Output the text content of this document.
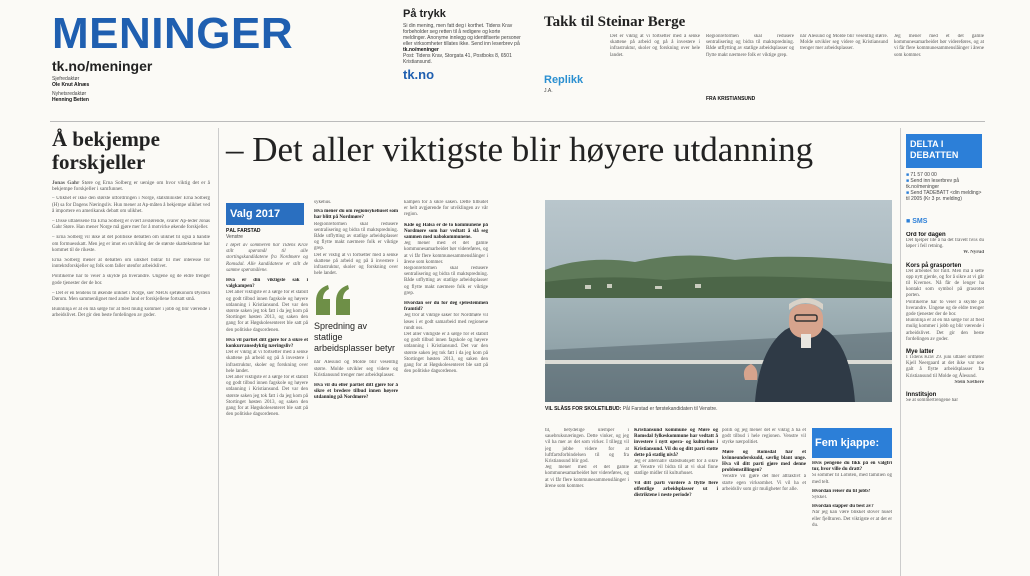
MENINGER
tk.no/meninger
Sjefredaktør
Ole Knut Alnæs
Nyhetsredaktør
Henning Betten
På trykk
Si din mening, men fatt deg i korthet. Tidens Krav forbeholder seg retten til å redigere og korte meldinger. Anonyme innlegg og identifiserte personer eller virksomheter tillates ikke. Send inn leserbrev på
tk.no/meninger
Post: Tidens Krav, Storgata 41, Postboks 8, 6501 Kristiansund.
tk.no
Takk til Steinar Berge
Replikk
J.A.
Det er viktig at vi fortsetter med å senke skattene på arbeid og på å investere i infrastruktur, skoler og forskning over hele landet.
Regionreformen skal redusere sentralisering og bidra til maktspredning. Både utflytting av statlige arbeidsplasser og flytte makt nærmere folk er viktige grep.
FRA KRISTIANSUND
når Ålesund og Molde blir vesentlig større. Molde utvikler seg videre og Kristiansund trenger mer arbeidsplasser.
Jeg mener med et det gamle kommunesamarbeidet bør videreføres, og at vi får flere kommunesammenslåinger i årene som kommer.
Å bekjempe forskjeller
Jonas Gahr Støre og Erna Solberg er uenige om hvor viktig det er å bekjempe forskjeller i samfunnet.
– Ulikhet er ikke den største utfordringen i Norge, statsminister Erna Solberg (H) sa for Dagens Næringsliv. Hun mener at Ap-måten å bekjempe ulikhet ved å importere en amerikansk debatt om ulikhet.
– Disse uttalelsene fra Erna Solberg er svært avslørende, svarer Ap-leder Jonas Gahr Støre. Han mener Norge må gjøre mer for å motvirke økende forskjeller.
– Erna Solberg vil ikke at det politiske debatten om ulikhet til også å handle om formuesskatt. Men jeg er imot en utvikling der de største skattekuttene har kommet til de rikeste.
Erna Solberg mener at debatten om ulikhet bidrar til mer interesse for inntektsforskjeller og folk som faller utenfor arbeidslivet.
Politikerne har to veier å skylde på hverandre. Ungene og de eldre trenger gode tjenester der de bor.
– Det er en tendens til økende ulikhet i Norge, sier NHOs sjeføkonom Øystein Dørum. Men sammenlignet med andre land er forskjellene fortsatt små.
Bunnlinja er at en må sørge for at flest mulig kommer i jobb og blir værende i arbeidslivet. Det gir den beste fordelingen av goder.
– Det aller viktigste blir høyere utdanning
Valg 2017
PÅL FARSTAD
Venstre
I løpet av sommeren har Tidens Krav stilt spørsmål til alle stortingskandidatene fra Nordmøre og Romsdal. Alle kandidatene er stilt de samme spørsmålene.
Hva er din viktigste sak i valgkampen?
Det aller viktigste er å sørge for et stabilt og godt tilbud innen fagskole og høyere utdanning i Kristiansund. Det var den største saken jeg tok fatt i da jeg kom på Stortinget høsten 2013, og saken den gang for at Høgskolesenteret ble satt på den politiske dagsordenen.
Hva vil partiet ditt gjøre for å sikre et konkurransedyktig næringsliv?
Det er viktig at vi fortsetter med å senke skattene på arbeid og på å investere i infrastruktur, skoler og forskning over hele landet.
Det aller viktigste er å sørge for et stabilt og godt tilbud innen fagskole og høyere utdanning i Kristiansund. Det var den største saken jeg tok fatt i da jeg kom på Stortinget høsten 2013, og saken den gang for at Høgskolesenteret ble satt på den politiske dagsordenen.
sykehus.
Hva mener du om regionsykehuset som har blitt på Nordmøre?
Regionreformen skal redusere sentralisering og bidra til maktspredning. Både utflytting av statlige arbeidsplasser og flytte makt nærmere folk er viktige grep.
Det er viktig at vi fortsetter med å senke skattene på arbeid og på å investere i infrastruktur, skoler og forskning over hele landet.
Spredning av statlige arbeidsplasser betyr
når Ålesund og Molde blir vesentlig større. Molde utvikler seg videre og Kristiansund trenger mer arbeidsplasser.
Hva vil du eller partiet ditt gjøre for å sikre et bredere tilbud innen høyere utdanning på Nordmøre?
kampen for å sikre saken. Dette tilbudet er helt avgjørende for utviklingen av vår region.
Kide og Halsa er de to kommunene på Nordmøre som har vedtatt å slå seg sammen med nabokommunene.
Jeg mener med et det gamle kommunesamarbeidet bør videreføres, og at vi får flere kommunesammenslåinger i årene som kommer.
Regionreformen skal redusere sentralisering og bidra til maktspredning. Både utflytting av statlige arbeidsplasser og flytte makt nærmere folk er viktige grep.
Hvordan ser du for deg sjelestemmen framtid?
Jeg tror at viktige saker for Nordmøre vil løses i et godt samarbeid med regionene rundt oss.
Det aller viktigste er å sørge for et stabilt og godt tilbud innen fagskole og høyere utdanning i Kristiansund. Det var den største saken jeg tok fatt i da jeg kom på Stortinget høsten 2013, og saken den gang for at Høgskolesenteret ble satt på den politiske dagsordenen.
VIL SLÅSS FOR SKOLETILBUD: Pål Farstad er førstekandidaten til Venstre.
til, betydelige ulemper i sauebruksnæringen. Dette vinker, og jeg vil ha mer av det som virker. I tillegg vil jeg jobbe videre for at luftfartsforbindelsen til og fra Kristiansund blir god.
Jeg mener med et det gamle kommunesamarbeidet bør videreføres, og at vi får flere kommunesammenslåinger i årene som kommer.
Kristiansund kommune og Møre og Romsdal fylkeskommune har vedtatt å investere i nytt opera- og kulturhus i Kristiansund. Vil du og ditt parti støtte dette på statlig nivå?
Jeg er alternativ stabsbudsjett for å sikre at Venstre vil bidra til at vi skal finne statlige midler til kulturhuset.
Vil ditt parti vurdere å flytte flere offentlige arbeidsplasser ut i distriktene i neste periode?
politi og jeg mener det er viktig å ha et godt tilbud i hele regionen. Venstre vil styrke nærpolitiet.
Møre og Romsdal har et kvinneunderskudd, særlig blant unge. Hva vil ditt parti gjøre med denne problemstillingen?
Venstre vil gjøre det mer attraktivt å starte egen virksomhet. Vi vil ha et arbeidsliv som gir muligheter for alle.
Fem kjappe:
Hvis pengene du fikk på en valgfri tur, hvor ville du dratt?
Si sommer til Lofoten, med familien og med telt.
Hvordan reiser du til jobb?
Sykkel.
Hvordan slapper du best av?
Når jeg kan være blikket stover huset eller fjellturen. Det viktigste er at det er du.
DELTA I DEBATTEN
■ 71 57 00 00
■ Send inn leserbrev på tk.no/meninger
■ Send TADEBATT <din melding> til 2005 (Kr 3 pr. melding)
■ SMS
Ord for dagen
Det hjelper lite å ha det travelt hvis du løper i feil retning.
W. Nyrud
Kors på grasporten
Det arbeides for fullt. Men må å sette opp nytt gjerde, og for å sikre at vi går til Kvernes. Nå får de lenger ha kontakt som symbol på grasrotet porten.
Politikerne har to veier å skylde på hverandre. Ungene og de eldre trenger gode tjenester der de bor.
Bunnlinja er at en må sørge for at flest mulig kommer i jobb og blir værende i arbeidslivet. Det gir den beste fordelingen av goder.
Mye latter
I Tidens Krav 29. juni uttaler ordfører Kjell Neergaard at det ikke var noe galt å flytte arbeidsplasser fra Kristiansund til Molde og Ålesund.
Stein Sæthere
Innstitsjon
Se at sommertrengene har
